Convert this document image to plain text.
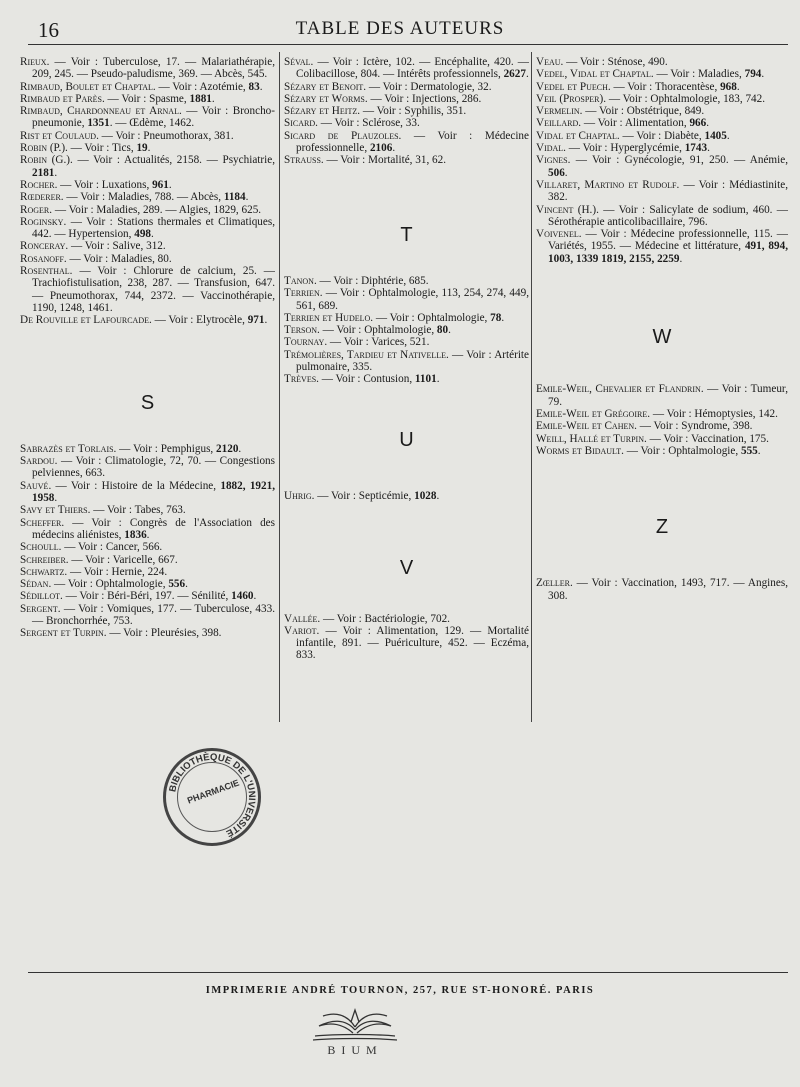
16	TABLE DES AUTEURS

Rieux. — Voir : Tuberculose, 17. — Malariathérapie, 209, 245. — Pseudo-paludisme, 369. — Abcès, 545.

Rimbaud, Boulet et Chaptal. — Voir : Azotémie, 83.

Rimbaud et Parès. — Voir : Spasme, 1881.

Rimbaud, Chardonneau et Arnal. — Voir : Broncho-pneumonie, 1351. — Œdème, 1462.

Rist et Coulaud. — Voir : Pneumothorax, 381.

Robin (P.). — Voir : Tics, 19.

Robin (G.). — Voir : Actualités, 2158. — Psychiatrie, 2181.

Rocher. — Voir : Luxations, 961.

Rœderer. — Voir : Maladies, 788. — Abcès, 1184.

Roger. — Voir : Maladies, 289. — Algies, 1829, 625.

Roginsky. — Voir : Stations thermales et Climatiques, 442. — Hypertension, 498.

Ronceray. — Voir : Salive, 312.

Rosanoff. — Voir : Maladies, 80.

Rosenthal. — Voir : Chlorure de calcium, 25. — Trachiofistulisation, 238, 287. — Transfusion, 647. — Pneumothorax, 744, 2372. — Vaccinothérapie, 1190, 1248, 1461.

De Rouville et Lafourcade. — Voir : Elytrocèle, 971.

S

Sabrazès et Torlais. — Voir : Pemphigus, 2120.

Sardou. — Voir : Climatologie, 72, 70. — Congestions pelviennes, 663.

Sauvé. — Voir : Histoire de la Médecine, 1882, 1921, 1958.

Savy et Thiers. — Voir : Tabes, 763.

Scheffer. — Voir : Congrès de l'Association des médecins aliénistes, 1836.

Schoull. — Voir : Cancer, 566.

Schreiber. — Voir : Varicelle, 667.

Schwartz. — Voir : Hernie, 224.

Sédan. — Voir : Ophtalmologie, 556.

Sédillot. — Voir : Béri-Béri, 197. — Sénilité, 1460.

Sergent. — Voir : Vomiques, 177. — Tuberculose, 433. — Bronchorrhée, 753.

Sergent et Turpin. — Voir : Pleurésies, 398.

Séval. — Voir : Ictère, 102. — Encéphalite, 420. — Colibacillose, 804. — Intérêts professionnels, 2627.

Sézary et Benoit. — Voir : Dermatologie, 32.

Sézary et Worms. — Voir : Injections, 286.

Sézary et Heitz. — Voir : Syphilis, 351.

Sicard. — Voir : Sclérose, 33.

Sicard de Plauzoles. — Voir : Médecine professionnelle, 2106.

Strauss. — Voir : Mortalité, 31, 62.

T

Tanon. — Voir : Diphtérie, 685.

Terrien. — Voir : Ophtalmologie, 113, 254, 274, 449, 561, 689.

Terrien et Hudelo. — Voir : Ophtalmologie, 78.

Terson. — Voir : Ophtalmologie, 80.

Tournay. — Voir : Varices, 521.

Trémolières, Tardieu et Nativelle. — Voir : Artérite pulmonaire, 335.

Trèves. — Voir : Contusion, 1101.

U

Uhrig. — Voir : Septicémie, 1028.

V

Vallée. — Voir : Bactériologie, 702.

Variot. — Voir : Alimentation, 129. — Mortalité infantile, 891. — Puériculture, 452. — Eczéma, 833.

Veau. — Voir : Sténose, 490.

Vedel, Vidal et Chaptal. — Voir : Maladies, 794.

Vedel et Puech. — Voir : Thoracentèse, 968.

Veil (Prosper). — Voir : Ophtalmologie, 183, 742.

Vermelin. — Voir : Obstétrique, 849.

Veillard. — Voir : Alimentation, 966.

Vidal et Chaptal. — Voir : Diabète, 1405.

Vidal. — Voir : Hyperglycémie, 1743.

Vignes. — Voir : Gynécologie, 91, 250. — Anémie, 506.

Villaret, Martino et Rudolf. — Voir : Médiastinite, 382.

Vincent (H.). — Voir : Salicylate de sodium, 460. — Sérothérapie anticolibacillaire, 796.

Voivenel. — Voir : Médecine professionnelle, 115. — Variétés, 1955. — Médecine et littérature, 491, 894, 1003, 1339 1819, 2155, 2259.

W

Emile-Weil, Chevalier et Flandrin. — Voir : Tumeur, 79.

Emile-Weil et Grégoire. — Voir : Hémoptysies, 142.

Emile-Weil et Cahen. — Voir : Syndrome, 398.

Weill, Hallé et Turpin. — Voir : Vaccination, 175.

Worms et Bidault. — Voir : Ophtalmologie, 555.

Z

Zœller. — Voir : Vaccination, 1493, 717. — Angines, 308.

BIBLIOTHÈQUE DE L'UNIVERSITÉ
PHARMACIE
IMPRIMERIE ANDRÉ TOURNON, 257, RUE ST-HONORÉ. PARIS
BIUM
